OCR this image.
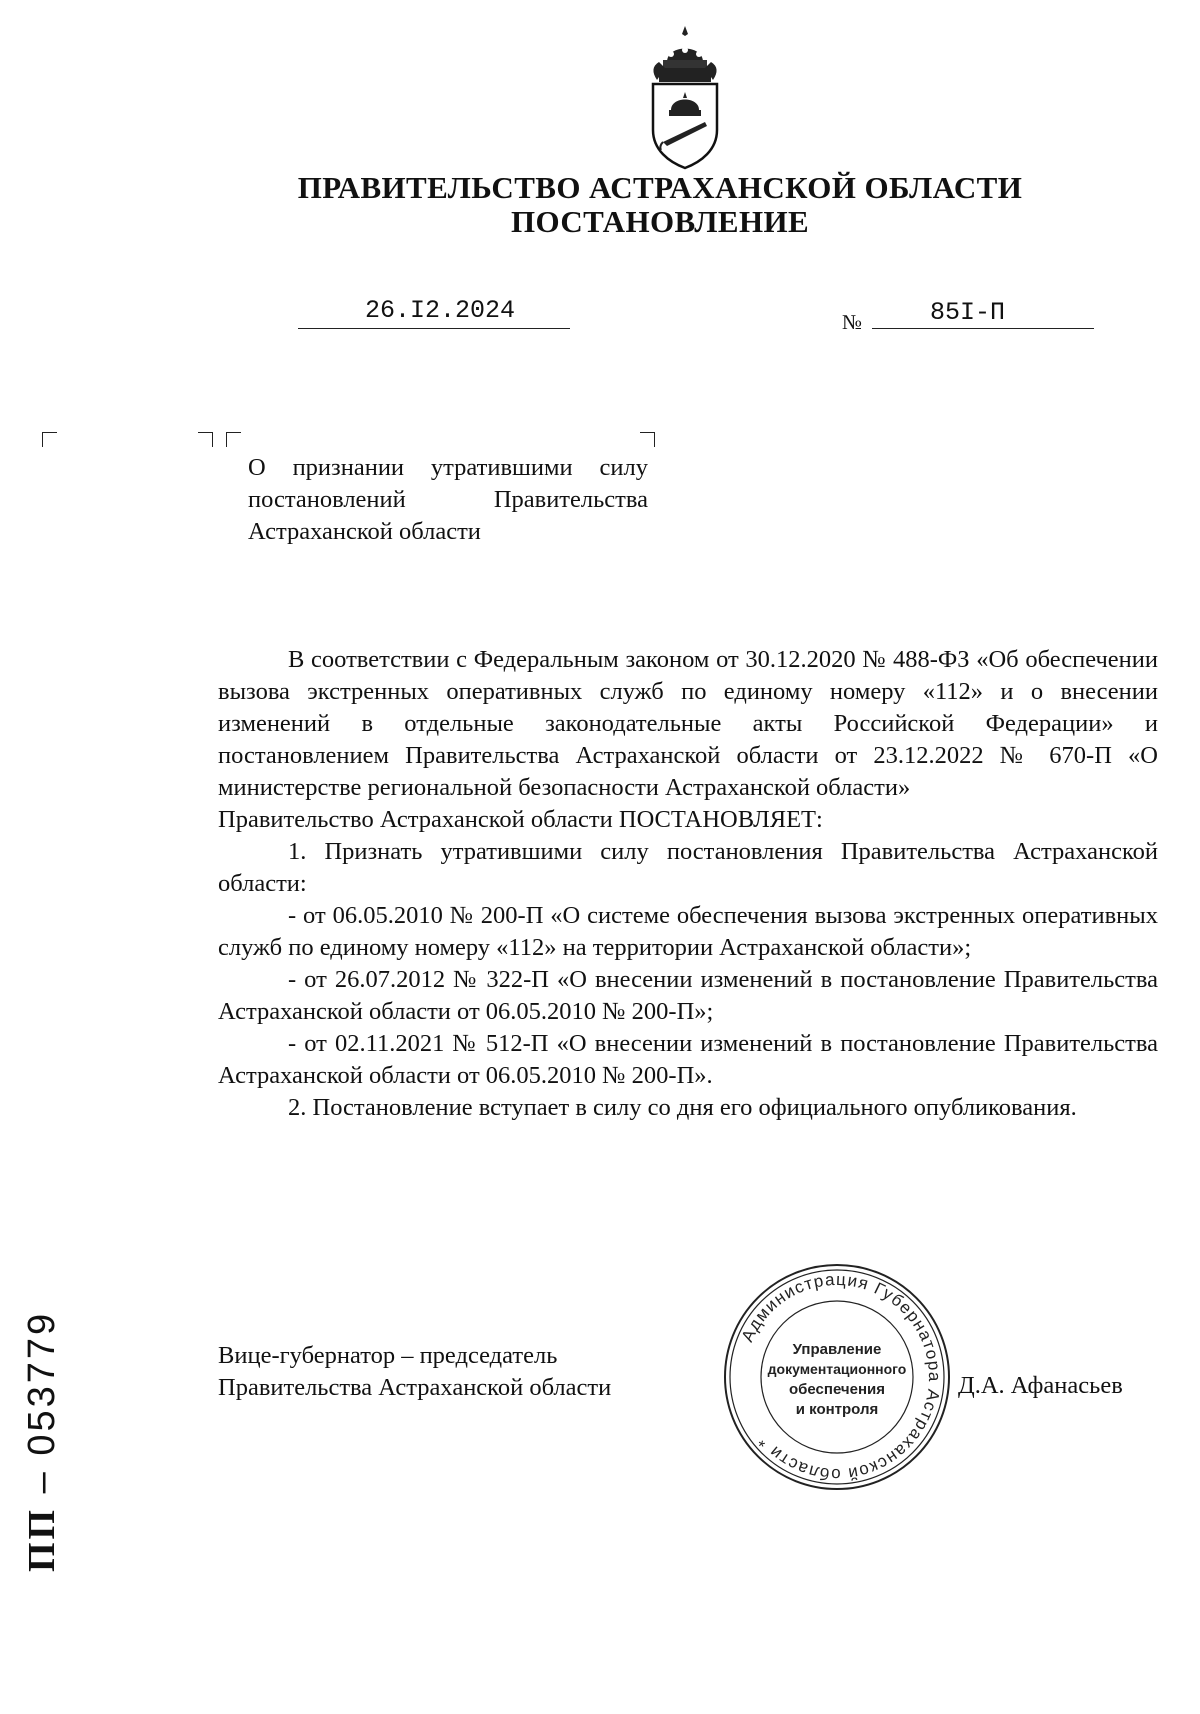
ПРАВИТЕЛЬСТВО АСТРАХАНСКОЙ ОБЛАСТИ
ПОСТАНОВЛЕНИЕ
26.I2.2024	№	85I-П
О признании утратившими силу
постановлений Правительства
Астраханской области

В соответствии с Федеральным законом от 30.12.2020 № 488-ФЗ «Об обеспечении вызова экстренных оперативных служб по единому номеру «112» и о внесении изменений в отдельные законодательные акты Российской Федерации» и постановлением Правительства Астраханской области от 23.12.2022 № 670-П «О министерстве региональной безопасности Астраханской области»

Правительство Астраханской области ПОСТАНОВЛЯЕТ:

1. Признать утратившими силу постановления Правительства Астраханской области:

- от 06.05.2010 № 200-П «О системе обеспечения вызова экстренных оперативных служб по единому номеру «112» на территории Астраханской области»;

- от 26.07.2012 № 322-П «О внесении изменений в постановление Правительства Астраханской области от 06.05.2010 № 200-П»;

- от 02.11.2021 № 512-П «О внесении изменений в постановление Правительства Астраханской области от 06.05.2010 № 200-П».

2. Постановление вступает в силу со дня его официального опубликования.

Вице-губернатор – председатель
Правительства Астраханской области	Д.А. Афанасьев
Администрация Губернатора Астраханской области *
Управление
документационного
обеспечения
и контроля
ПП – 053779
